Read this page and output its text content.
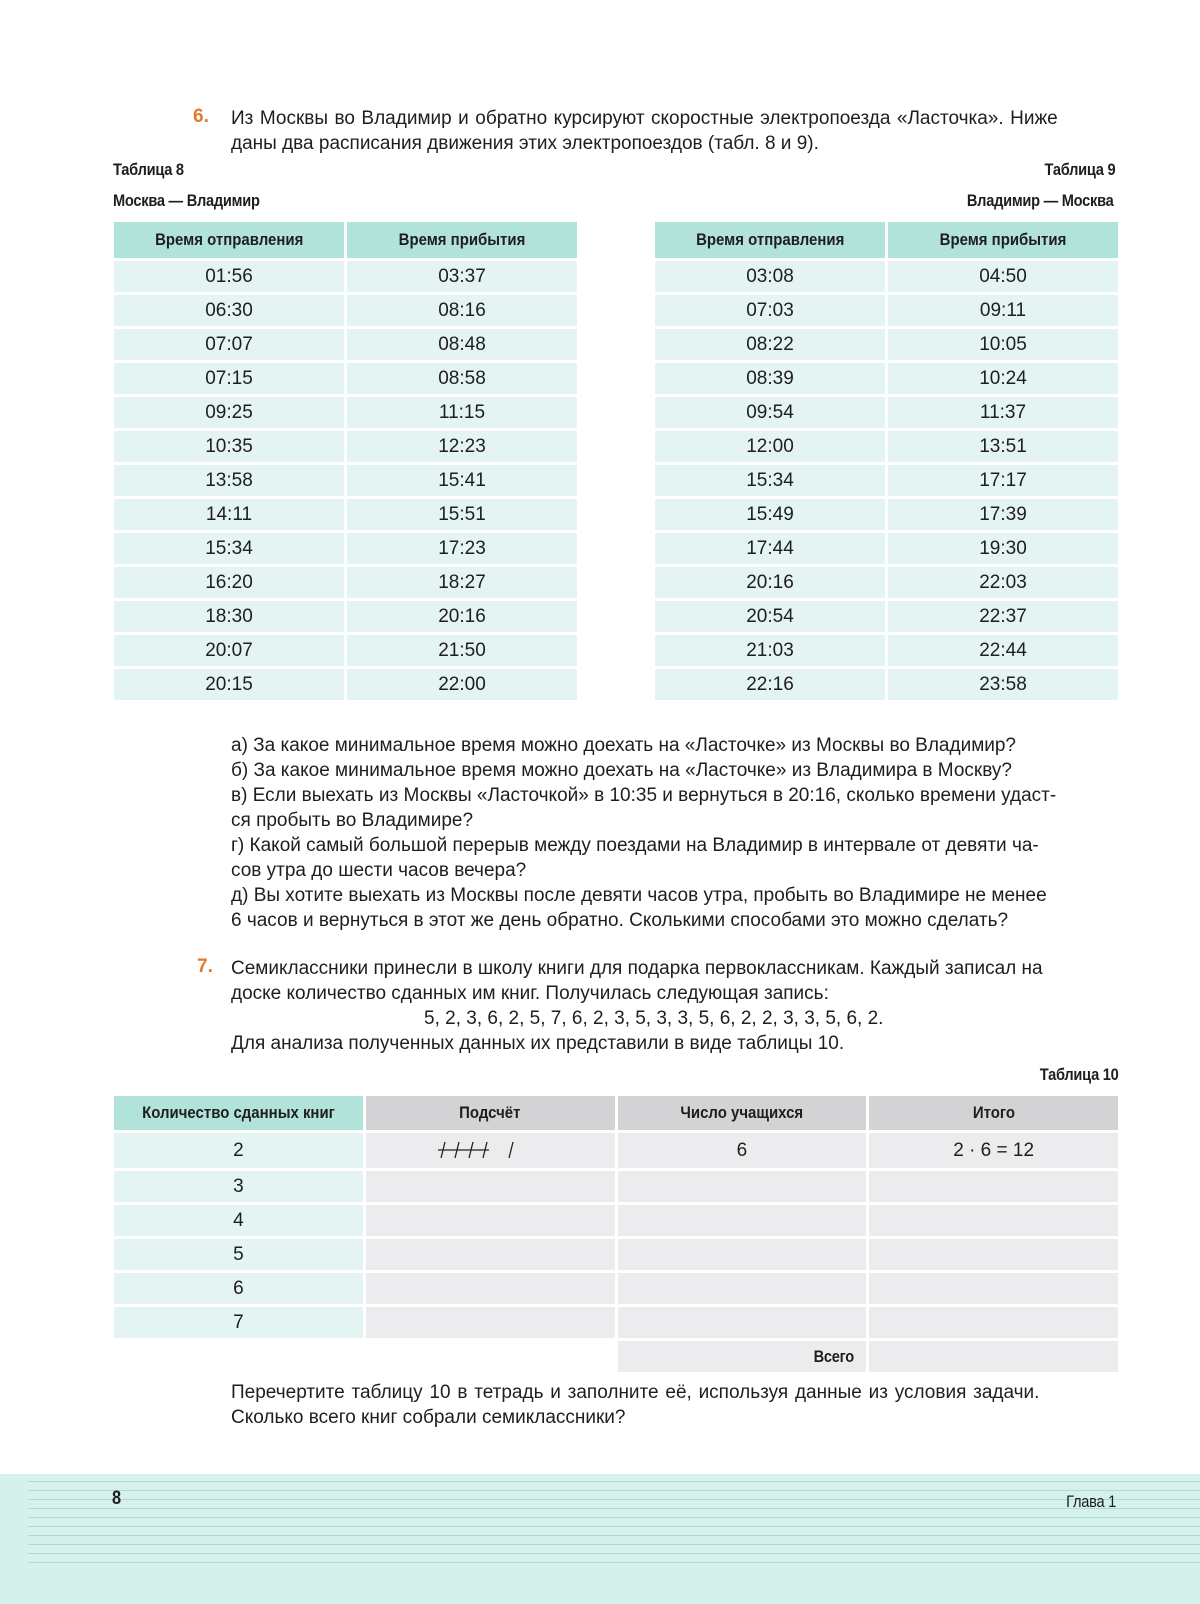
6. Из Москвы во Владимир и обратно курсируют скоростные электропоезда «Ласточка». Ниже
даны два расписания движения этих электропоездов (табл. 8 и 9).
Таблица 8
Москва — Владимир
Таблица 9
Владимир — Москва
Время отправления	Время прибытия
01:56	03:37
06:30	08:16
07:07	08:48
07:15	08:58
09:25	11:15
10:35	12:23
13:58	15:41
14:11	15:51
15:34	17:23
16:20	18:27
18:30	20:16
20:07	21:50
20:15	22:00
Время отправления	Время прибытия
03:08	04:50
07:03	09:11
08:22	10:05
08:39	10:24
09:54	11:37
12:00	13:51
15:34	17:17
15:49	17:39
17:44	19:30
20:16	22:03
20:54	22:37
21:03	22:44
22:16	23:58
а) За какое минимальное время можно доехать на «Ласточке» из Москвы во Владимир?
б) За какое минимальное время можно доехать на «Ласточке» из Владимира в Москву?
в) Если выехать из Москвы «Ласточкой» в 10:35 и вернуться в 20:16, сколько времени удаст-
ся пробыть во Владимире?
г) Какой самый большой перерыв между поездами на Владимир в интервале от девяти ча-
сов утра до шести часов вечера?
д) Вы хотите выехать из Москвы после девяти часов утра, пробыть во Владимире не менее
6 часов и вернуться в этот же день обратно. Сколькими способами это можно сделать?
7. Семиклассники принесли в школу книги для подарка первоклассникам. Каждый записал на
доске количество сданных им книг. Получилась следующая запись:
5, 2, 3, 6, 2, 5, 7, 6, 2, 3, 5, 3, 3, 5, 6, 2, 2, 3, 3, 5, 6, 2.
Для анализа полученных данных их представили в виде таблицы 10.
Таблица 10
Количество сданных книг	Подсчёт	Число учащихся	Итого
2		6	2 · 6 = 12
3			
4			
5			
6			
7			
		Всего	
Перечертите таблицу 10 в тетрадь и заполните её, используя данные из условия задачи.
Сколько всего книг собрали семиклассники?
8	Глава 1
